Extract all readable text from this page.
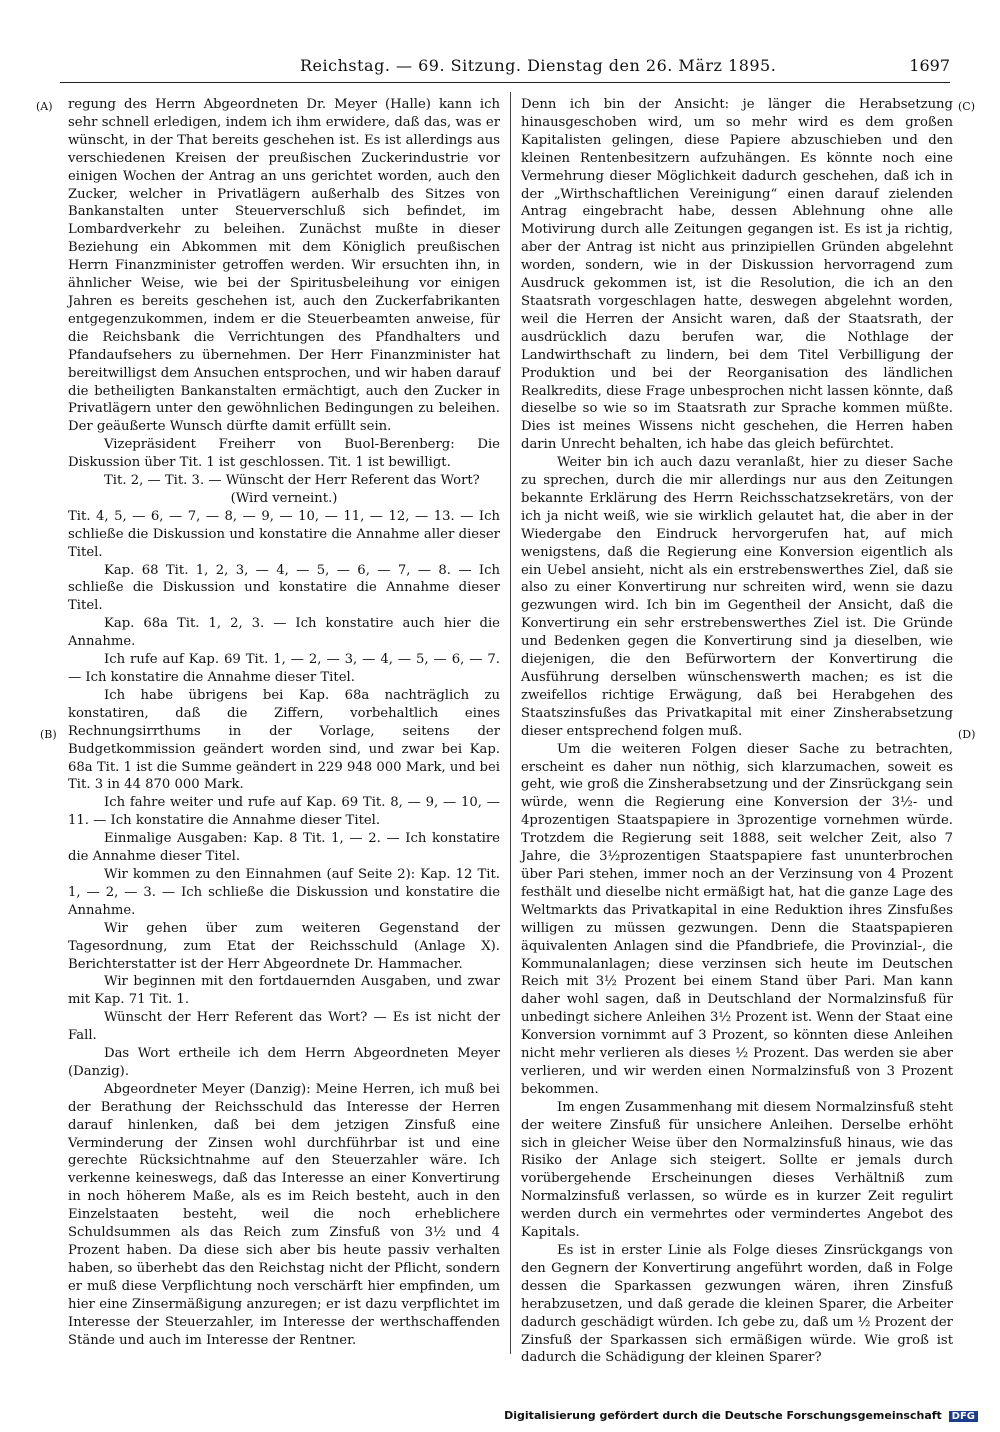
Reichstag. — 69. Sitzung. Dienstag den 26. März 1895.	1697
(A)
(B)
(C)
(D)

regung des Herrn Abgeordneten Dr. Meyer (Halle) kann ich sehr schnell erledigen, indem ich ihm erwidere, daß das, was er wünscht, in der That bereits geschehen ist. Es ist allerdings aus verschiedenen Kreisen der preußischen Zuckerindustrie vor einigen Wochen der Antrag an uns gerichtet worden, auch den Zucker, welcher in Privatlägern außerhalb des Sitzes von Bankanstalten unter Steuerverschluß sich befindet, im Lombardverkehr zu beleihen. Zunächst mußte in dieser Beziehung ein Abkommen mit dem Königlich preußischen Herrn Finanzminister getroffen werden. Wir ersuchten ihn, in ähnlicher Weise, wie bei der Spiritusbeleihung vor einigen Jahren es bereits geschehen ist, auch den Zuckerfabrikanten entgegenzukommen, indem er die Steuerbeamten anweise, für die Reichsbank die Verrichtungen des Pfandhalters und Pfandaufsehers zu übernehmen. Der Herr Finanzminister hat bereitwilligst dem Ansuchen entsprochen, und wir haben darauf die betheiligten Bankanstalten ermächtigt, auch den Zucker in Privatlägern unter den gewöhnlichen Bedingungen zu beleihen. Der geäußerte Wunsch dürfte damit erfüllt sein.

Vizepräsident Freiherr von Buol-Berenberg: Die Diskussion über Tit. 1 ist geschlossen. Tit. 1 ist bewilligt.

Tit. 2, — Tit. 3. — Wünscht der Herr Referent das Wort?

(Wird verneint.)

Tit. 4, 5, — 6, — 7, — 8, — 9, — 10, — 11, — 12, — 13. — Ich schließe die Diskussion und konstatire die Annahme aller dieser Titel.

Kap. 68 Tit. 1, 2, 3, — 4, — 5, — 6, — 7, — 8. — Ich schließe die Diskussion und konstatire die Annahme dieser Titel.

Kap. 68a Tit. 1, 2, 3. — Ich konstatire auch hier die Annahme.

Ich rufe auf Kap. 69 Tit. 1, — 2, — 3, — 4, — 5, — 6, — 7. — Ich konstatire die Annahme dieser Titel.

Ich habe übrigens bei Kap. 68a nachträglich zu konstatiren, daß die Ziffern, vorbehaltlich eines Rechnungsirrthums in der Vorlage, seitens der Budgetkommission geändert worden sind, und zwar bei Kap. 68a Tit. 1 ist die Summe geändert in 229 948 000 Mark, und bei Tit. 3 in 44 870 000 Mark.

Ich fahre weiter und rufe auf Kap. 69 Tit. 8, — 9, — 10, — 11. — Ich konstatire die Annahme dieser Titel.

Einmalige Ausgaben: Kap. 8 Tit. 1, — 2. — Ich konstatire die Annahme dieser Titel.

Wir kommen zu den Einnahmen (auf Seite 2): Kap. 12 Tit. 1, — 2, — 3. — Ich schließe die Diskussion und konstatire die Annahme.

Wir gehen über zum weiteren Gegenstand der Tagesordnung, zum Etat der Reichsschuld (Anlage X). Berichterstatter ist der Herr Abgeordnete Dr. Hammacher.

Wir beginnen mit den fortdauernden Ausgaben, und zwar mit Kap. 71 Tit. 1.

Wünscht der Herr Referent das Wort? — Es ist nicht der Fall.

Das Wort ertheile ich dem Herrn Abgeordneten Meyer (Danzig).

Abgeordneter Meyer (Danzig): Meine Herren, ich muß bei der Berathung der Reichsschuld das Interesse der Herren darauf hinlenken, daß bei dem jetzigen Zinsfuß eine Verminderung der Zinsen wohl durchführbar ist und eine gerechte Rücksichtnahme auf den Steuerzahler wäre. Ich verkenne keineswegs, daß das Interesse an einer Konvertirung in noch höherem Maße, als es im Reich besteht, auch in den Einzelstaaten besteht, weil die noch erheblichere Schuldsummen als das Reich zum Zinsfuß von 3½ und 4 Prozent haben. Da diese sich aber bis heute passiv verhalten haben, so überhebt das den Reichstag nicht der Pflicht, sondern er muß diese Verpflichtung noch verschärft hier empfinden, um hier eine Zinsermäßigung anzuregen; er ist dazu verpflichtet im Interesse der Steuerzahler, im Interesse der werthschaffenden Stände und auch im Interesse der Rentner.

Denn ich bin der Ansicht: je länger die Herabsetzung hinausgeschoben wird, um so mehr wird es dem großen Kapitalisten gelingen, diese Papiere abzuschieben und den kleinen Rentenbesitzern aufzuhängen. Es könnte noch eine Vermehrung dieser Möglichkeit dadurch geschehen, daß ich in der „Wirthschaftlichen Vereinigung“ einen darauf zielenden Antrag eingebracht habe, dessen Ablehnung ohne alle Motivirung durch alle Zeitungen gegangen ist. Es ist ja richtig, aber der Antrag ist nicht aus prinzipiellen Gründen abgelehnt worden, sondern, wie in der Diskussion hervorragend zum Ausdruck gekommen ist, ist die Resolution, die ich an den Staatsrath vorgeschlagen hatte, deswegen abgelehnt worden, weil die Herren der Ansicht waren, daß der Staatsrath, der ausdrücklich dazu berufen war, die Nothlage der Landwirthschaft zu lindern, bei dem Titel Verbilligung der Produktion und bei der Reorganisation des ländlichen Realkredits, diese Frage unbesprochen nicht lassen könnte, daß dieselbe so wie so im Staatsrath zur Sprache kommen müßte. Dies ist meines Wissens nicht geschehen, die Herren haben darin Unrecht behalten, ich habe das gleich befürchtet.

Weiter bin ich auch dazu veranlaßt, hier zu dieser Sache zu sprechen, durch die mir allerdings nur aus den Zeitungen bekannte Erklärung des Herrn Reichsschatzsekretärs, von der ich ja nicht weiß, wie sie wirklich gelautet hat, die aber in der Wiedergabe den Eindruck hervorgerufen hat, auf mich wenigstens, daß die Regierung eine Konversion eigentlich als ein Uebel ansieht, nicht als ein erstrebenswerthes Ziel, daß sie also zu einer Konvertirung nur schreiten wird, wenn sie dazu gezwungen wird. Ich bin im Gegentheil der Ansicht, daß die Konvertirung ein sehr erstrebenswerthes Ziel ist. Die Gründe und Bedenken gegen die Konvertirung sind ja dieselben, wie diejenigen, die den Befürwortern der Konvertirung die Ausführung derselben wünschenswerth machen; es ist die zweifellos richtige Erwägung, daß bei Herabgehen des Staatszinsfußes das Privatkapital mit einer Zinsherabsetzung dieser entsprechend folgen muß.

Um die weiteren Folgen dieser Sache zu betrachten, erscheint es daher nun nöthig, sich klarzumachen, soweit es geht, wie groß die Zinsherabsetzung und der Zinsrückgang sein würde, wenn die Regierung eine Konversion der 3½- und 4prozentigen Staatspapiere in 3prozentige vornehmen würde. Trotzdem die Regierung seit 1888, seit welcher Zeit, also 7 Jahre, die 3½prozentigen Staatspapiere fast ununterbrochen über Pari stehen, immer noch an der Verzinsung von 4 Prozent festhält und dieselbe nicht ermäßigt hat, hat die ganze Lage des Weltmarkts das Privatkapital in eine Reduktion ihres Zinsfußes willigen zu müssen gezwungen. Denn die Staatspapieren äquivalenten Anlagen sind die Pfandbriefe, die Provinzial-, die Kommunalanlagen; diese verzinsen sich heute im Deutschen Reich mit 3½ Prozent bei einem Stand über Pari. Man kann daher wohl sagen, daß in Deutschland der Normalzinsfuß für unbedingt sichere Anleihen 3½ Prozent ist. Wenn der Staat eine Konversion vornimmt auf 3 Prozent, so könnten diese Anleihen nicht mehr verlieren als dieses ½ Prozent. Das werden sie aber verlieren, und wir werden einen Normalzinsfuß von 3 Prozent bekommen.

Im engen Zusammenhang mit diesem Normalzinsfuß steht der weitere Zinsfuß für unsichere Anleihen. Derselbe erhöht sich in gleicher Weise über den Normalzinsfuß hinaus, wie das Risiko der Anlage sich steigert. Sollte er jemals durch vorübergehende Erscheinungen dieses Verhältniß zum Normalzinsfuß verlassen, so würde es in kurzer Zeit regulirt werden durch ein vermehrtes oder vermindertes Angebot des Kapitals.

Es ist in erster Linie als Folge dieses Zinsrückgangs von den Gegnern der Konvertirung angeführt worden, daß in Folge dessen die Sparkassen gezwungen wären, ihren Zinsfuß herabzusetzen, und daß gerade die kleinen Sparer, die Arbeiter dadurch geschädigt würden. Ich gebe zu, daß um ½ Prozent der Zinsfuß der Sparkassen sich ermäßigen würde. Wie groß ist dadurch die Schädigung der kleinen Sparer?

Digitalisierung gefördert durch die Deutsche Forschungsgemeinschaft DFG
